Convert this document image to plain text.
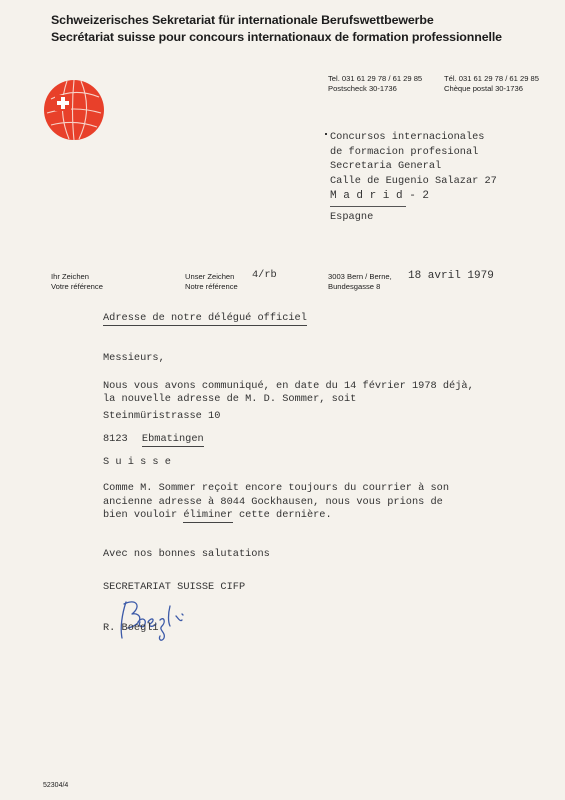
Schweizerisches Sekretariat für internationale Berufswettbewerbe
Secrétariat suisse pour concours internationaux de formation professionnelle
Tel. 031 61 29 78 / 61 29 85
Postscheck 30-1736
Tél. 031 61 29 78 / 61 29 85
Chèque postal 30-1736
Concursos internacionales
de formacion profesional
Secretaria General
Calle de Eugenio Salazar 27
M a d r i d - 2
Espagne
Ihr Zeichen
Votre référence
Unser Zeichen
Notre référence
4/rb	3003 Bern / Berne,
Bundesgasse 8
18 avril 1979
Adresse de notre délégué officiel
Messieurs,
Nous vous avons communiqué, en date du 14 février 1978 déjà,
la nouvelle adresse de M. D. Sommer, soit
Steinmüristrasse 10
8123 Ebmatingen
S u i s s e
Comme M. Sommer reçoit encore toujours du courrier à son
ancienne adresse à 8044 Gockhausen, nous vous prions de
bien vouloir éliminer cette dernière.
Avec nos bonnes salutations
SECRETARIAT SUISSE CIFP
R. Boegli
52304/4
